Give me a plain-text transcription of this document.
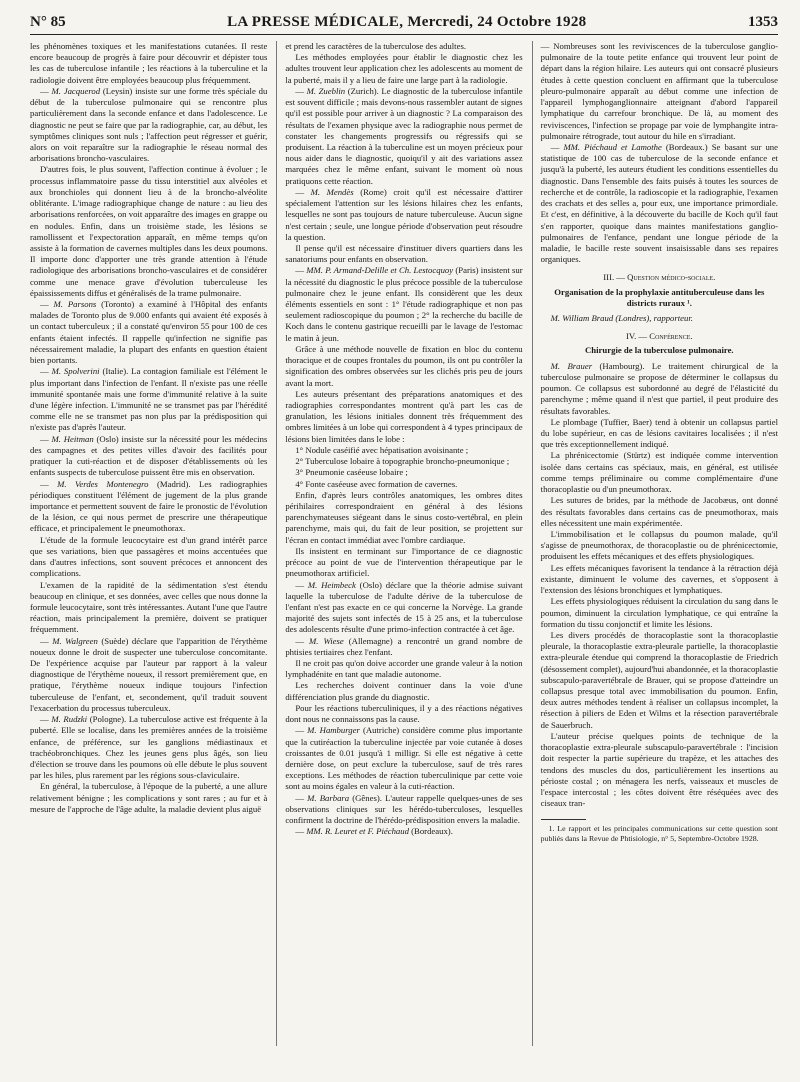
N° 85	LA PRESSE MÉDICALE, Mercredi, 24 Octobre 1928	1353

les phénomènes toxiques et les manifestations cutanées. Il reste encore beaucoup de progrès à faire pour découvrir et dépister tous les cas de tuberculose infantile ; les réactions à la tuberculine et la radiologie doivent être employées beaucoup plus fréquemment.

— M. Jacquerod (Leysin) insiste sur une forme très spéciale du début de la tuberculose pulmonaire qui se rencontre plus particulièrement dans la seconde enfance et dans l'adolescence. Le diagnostic ne peut se faire que par la radiographie, car, au début, les symptômes cliniques sont nuls ; l'affection peut régresser et guérir, alors on voit reparaître sur la radiographie le réseau normal des arborisations broncho-vasculaires.

D'autres fois, le plus souvent, l'affection continue à évoluer ; le processus inflammatoire passe du tissu interstitiel aux alvéoles et aux bronchioles qui donnent lieu à de la broncho-alvéolite oblitérante. L'image radiographique change de nature : au lieu des arborisations renforcées, on voit apparaître des images en grappe ou en nodules. Enfin, dans un troisième stade, les lésions se ramollissent et l'expectoration apparaît, en même temps qu'on assiste à la formation de cavernes multiples dans les deux poumons. Il importe donc d'apporter une très grande attention à l'étude radiologique des arborisations broncho-vasculaires et de considérer comme une menace grave d'évolution tuberculeuse les épaississements diffus et généralisés de la trame pulmonaire.

— M. Parsons (Toronto) a examiné à l'Hôpital des enfants malades de Toronto plus de 9.000 enfants qui avaient été exposés à un contact tuberculeux ; il a constaté qu'environ 55 pour 100 de ces enfants étaient infectés. Il rappelle qu'infection ne signifie pas nécessairement maladie, la plupart des enfants en question étaient bien portants.

— M. Spolverini (Italie). La contagion familiale est l'élément le plus important dans l'infection de l'enfant. Il n'existe pas une réelle immunité spontanée mais une forme d'immunité relative à la suite d'une légère infection. L'immunité ne se transmet pas par l'hérédité comme elle ne se transmet pas non plus par la prédisposition qui n'existe pas d'après l'auteur.

— M. Heitman (Oslo) insiste sur la nécessité pour les médecins des campagnes et des petites villes d'avoir des facilités pour pratiquer la cuti-réaction et de disposer d'établissements où les enfants suspects de tuberculose puissent être mis en observation.

— M. Verdes Montenegro (Madrid). Les radiographies périodiques constituent l'élément de jugement de la plus grande importance et permettent souvent de faire le pronostic de l'évolution de la lésion, ce qui nous permet de prescrire une thérapeutique efficace, et principalement le pneumothorax.

L'étude de la formule leucocytaire est d'un grand intérêt parce que ses variations, bien que passagères et moins accentuées que dans d'autres infections, sont souvent précoces et annoncent des complications.

L'examen de la rapidité de la sédimentation s'est étendu beaucoup en clinique, et ses données, avec celles que nous donne la formule leucocytaire, sont très intéressantes. Autant l'une que l'autre réaction, mais principalement la première, doivent se pratiquer fréquemment.

— M. Walgreen (Suède) déclare que l'apparition de l'érythème noueux donne le droit de suspecter une tuberculose concomitante. De l'expérience acquise par l'auteur par rapport à la valeur diagnostique de l'érythème noueux, il ressort premièrement que, en pratique, l'érythème noueux indique toujours l'infection tuberculeuse de l'enfant, et, secondement, qu'il traduit souvent l'exacerbation du processus tuberculeux.

— M. Rudzki (Pologne). La tuberculose active est fréquente à la puberté. Elle se localise, dans les premières années de la troisième enfance, de préférence, sur les ganglions médiastinaux et trachéobronchiques. Chez les jeunes gens plus âgés, son lieu d'élection se trouve dans les poumons où elle débute le plus souvent par les hiles, plus rarement par les régions sous-claviculaire.

En général, la tuberculose, à l'époque de la puberté, a une allure relativement bénigne ; les complications y sont rares ; au fur et à mesure de l'approche de l'âge adulte, la maladie devient plus aiguë

et prend les caractères de la tuberculose des adultes.

Les méthodes employées pour établir le diagnostic chez les adultes trouvent leur application chez les adolescents au moment de la puberté, mais il y a lieu de faire une large part à la radiologie.

— M. Zueblin (Zurich). Le diagnostic de la tuberculose infantile est souvent difficile ; mais devons-nous rassembler autant de signes qu'il est possible pour arriver à un diagnostic ? La comparaison des résultats de l'examen physique avec la radiographie nous permet de constater les changements progressifs ou régressifs qui se produisent. La réaction à la tuberculine est un moyen précieux pour nous aider dans le diagnostic, quoiqu'il y ait des variations assez marquées chez le même enfant, suivant le moment où nous pratiquons cette réaction.

— M. Mendès (Rome) croit qu'il est nécessaire d'attirer spécialement l'attention sur les lésions hilaires chez les enfants, lesquelles ne sont pas toujours de nature tuberculeuse. Aucun signe n'est certain ; seule, une longue période d'observation peut résoudre la question.

Il pense qu'il est nécessaire d'instituer divers quartiers dans les sanatoriums pour enfants en observation.

— MM. P. Armand-Delille et Ch. Lestocquoy (Paris) insistent sur la nécessité du diagnostic le plus précoce possible de la tuberculose pulmonaire chez le jeune enfant. Ils considèrent que les deux éléments essentiels en sont : 1° l'étude radiographique et non pas seulement radioscopique du poumon ; 2° la recherche du bacille de Koch dans le contenu gastrique recueilli par le lavage de l'estomac le matin à jeun.

Grâce à une méthode nouvelle de fixation en bloc du contenu thoracique et de coupes frontales du poumon, ils ont pu contrôler la signification des ombres observées sur les clichés pris peu de jours avant la mort.

Les auteurs présentant des préparations anatomiques et des radiographies correspondantes montrent qu'à part les cas de granulation, les lésions initiales donnent très fréquemment des ombres limitées à un lobe qui correspondent à 4 types principaux de lésions bien limitées dans le lobe :

1° Nodule caséifié avec hépatisation avoisinante ;

2° Tuberculose lobaire à topographie broncho-pneumonique ;

3° Pneumonie caséeuse lobaire ;

4° Fonte caséeuse avec formation de cavernes.

Enfin, d'après leurs contrôles anatomiques, les ombres dites périhilaires correspondraient en général à des lésions parenchymateuses siégeant dans le sinus costo-vertébral, en plein parenchyme, mais qui, du fait de leur position, se projettent sur l'écran en contact immédiat avec l'ombre cardiaque.

Ils insistent en terminant sur l'importance de ce diagnostic précoce au point de vue de l'intervention thérapeutique par le pneumothorax artificiel.

— M. Heimbeck (Oslo) déclare que la théorie admise suivant laquelle la tuberculose de l'adulte dérive de la tuberculose de l'enfant n'est pas exacte en ce qui concerne la Norvège. La grande majorité des sujets sont infectés de 15 à 25 ans, et la tuberculose des adolescents résulte d'une primo-infection contractée à cet âge.

— M. Wiese (Allemagne) a rencontré un grand nombre de phtisies tertiaires chez l'enfant.

Il ne croit pas qu'on doive accorder une grande valeur à la notion lymphadénite en tant que maladie autonome.

Les recherches doivent continuer dans la voie d'une différenciation plus grande du diagnostic.

Pour les réactions tuberculiniques, il y a des réactions négatives dont nous ne connaissons pas la cause.

— M. Hamburger (Autriche) considère comme plus importante que la cutiréaction la tuberculine injectée par voie cutanée à doses croissantes de 0.01 jusqu'à 1 milligr. Si elle est négative à cette dernière dose, on peut exclure la tuberculose, sauf de très rares exceptions. Les méthodes de réaction tuberculinique par cette voie sont au moins égales en valeur à la cuti-réaction.

— M. Barbara (Gênes). L'auteur rappelle quelques-unes de ses observations cliniques sur les hérédo-tuberculoses, lesquelles confirment la doctrine de l'hérédo-prédisposition envers la maladie.

— MM. R. Leuret et F. Piéchaud (Bordeaux).

— Nombreuses sont les reviviscences de la tuberculose ganglio-pulmonaire de la toute petite enfance qui trouvent leur point de départ dans la région hilaire. Les auteurs qui ont consacré plusieurs études à cette question concluent en affirmant que la tuberculose pleuro-pulmonaire apparaît au début comme une infection de l'appareil lymphoganglionnaire atteignant d'abord l'appareil lymphatique du carrefour bronchique. De là, au moment des reviviscences, l'infection se propage par voie de lymphangite intra-pulmonaire rétrograde, tout autour du hile en s'irradiant.

— MM. Piéchaud et Lamothe (Bordeaux.) Se basant sur une statistique de 100 cas de tuberculose de la seconde enfance et jusqu'à la puberté, les auteurs étudient les conditions essentielles du diagnostic. Dans l'ensemble des faits puisés à toutes les sources de recherche et de contrôle, la radioscopie et la radiographie, l'examen des crachats et des selles a, pour eux, une importance primordiale. Et c'est, en définitive, à la découverte du bacille de Koch qu'il faut s'en rapporter, quoique dans maintes manifestations ganglio-pulmonaires de l'enfance, pendant une longue période de la maladie, le bacille reste souvent insaisissable dans ses repaires organiques.

III. — Question médico-sociale.

Organisation de la prophylaxie antituberculeuse dans les districts ruraux ¹.

M. William Braud (Londres), rapporteur.

IV. — Conférence.

Chirurgie de la tuberculose pulmonaire.

M. Brauer (Hambourg). Le traitement chirurgical de la tuberculose pulmonaire se propose de déterminer le collapsus du poumon. Ce collapsus est subordonné au degré de l'élasticité du parenchyme ; même quand il n'est que partiel, il peut produire des résultats favorables.

Le plombage (Tuffier, Baer) tend à obtenir un collapsus partiel du lobe supérieur, en cas de lésions cavitaires localisées ; il n'est que très exceptionnellement indiqué.

La phrénicectomie (Stürtz) est indiquée comme intervention isolée dans certains cas spéciaux, mais, en général, est utilisée comme temps préliminaire ou comme complémentaire d'une thoracoplastie ou d'un pneumothorax.

Les sutures de brides, par la méthode de Jacobæus, ont donné des résultats favorables dans certains cas de pneumothorax, mais elles nécessitent une main expérimentée.

L'immobilisation et le collapsus du poumon malade, qu'il s'agisse de pneumothorax, de thoracoplastie ou de phrénicectomie, produisent les effets mécaniques et des effets physiologiques.

Les effets mécaniques favorisent la tendance à la rétraction déjà existante, diminuent le volume des cavernes, et s'opposent à l'extension des lésions bronchiques et lymphatiques.

Les effets physiologiques réduisent la circulation du sang dans le poumon, diminuent la circulation lymphatique, ce qui entraîne la formation du tissu conjonctif et limite les lésions.

Les divers procédés de thoracoplastie sont la thoracoplastie pleurale, la thoracoplastie extra-pleurale partielle, la thoracoplastie extra-pleurale étendue qui comprend la thoracoplastie de Friedrich (désossement complet), aujourd'hui abandonnée, et la thoracoplastie subscapulo-paravertébrale de Brauer, qui se propose d'atteindre un collapsus presque total avec immobilisation du poumon. Enfin, deux autres méthodes tendent à réaliser un collapsus incomplet, la résection à piliers de Eden et Wilms et la résection paravertébrale de Sauerbruch.

L'auteur précise quelques points de technique de la thoracoplastie extra-pleurale subscapulo-paravertébrale : l'incision doit respecter la partie supérieure du trapèze, et les attaches des tendons des muscles du dos, particulièrement les insertions au périoste costal ; on ménagera les nerfs, vaisseaux et muscles de l'espace intercostal ; les côtes doivent être réséquées avec des ciseaux tran-

1. Le rapport et les principales communications sur cette question sont publiés dans la Revue de Phtisiologie, n° 5, Septembre-Octobre 1928.
